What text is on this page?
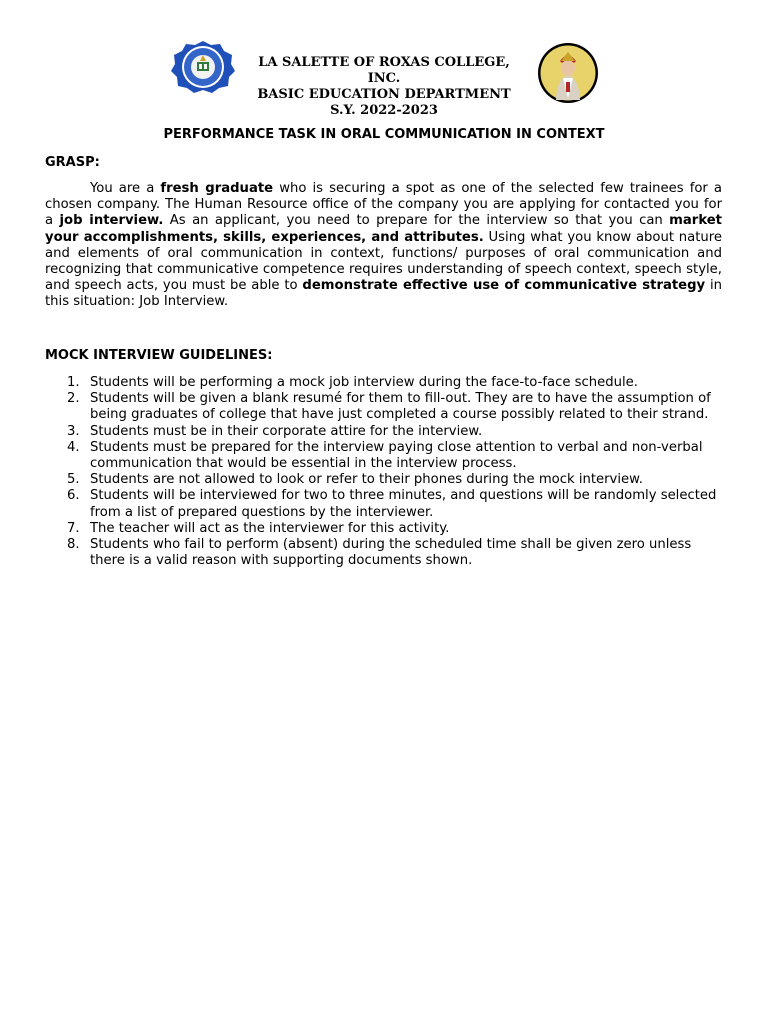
LA SALETTE OF ROXAS COLLEGE, INC.
BASIC EDUCATION DEPARTMENT
S.Y. 2022-2023
PERFORMANCE TASK IN ORAL COMMUNICATION IN CONTEXT
GRASP:
You are a fresh graduate who is securing a spot as one of the selected few trainees for a chosen company. The Human Resource office of the company you are applying for contacted you for a job interview. As an applicant, you need to prepare for the interview so that you can market your accomplishments, skills, experiences, and attributes. Using what you know about nature and elements of oral communication in context, functions/ purposes of oral communication and recognizing that communicative competence requires understanding of speech context, speech style, and speech acts, you must be able to demonstrate effective use of communicative strategy in this situation: Job Interview.
MOCK INTERVIEW GUIDELINES:
1. Students will be performing a mock job interview during the face-to-face schedule.
2. Students will be given a blank resumé for them to fill-out. They are to have the assumption of being graduates of college that have just completed a course possibly related to their strand.
3. Students must be in their corporate attire for the interview.
4. Students must be prepared for the interview paying close attention to verbal and non-verbal communication that would be essential in the interview process.
5. Students are not allowed to look or refer to their phones during the mock interview.
6. Students will be interviewed for two to three minutes, and questions will be randomly selected from a list of prepared questions by the interviewer.
7. The teacher will act as the interviewer for this activity.
8. Students who fail to perform (absent) during the scheduled time shall be given zero unless there is a valid reason with supporting documents shown.
